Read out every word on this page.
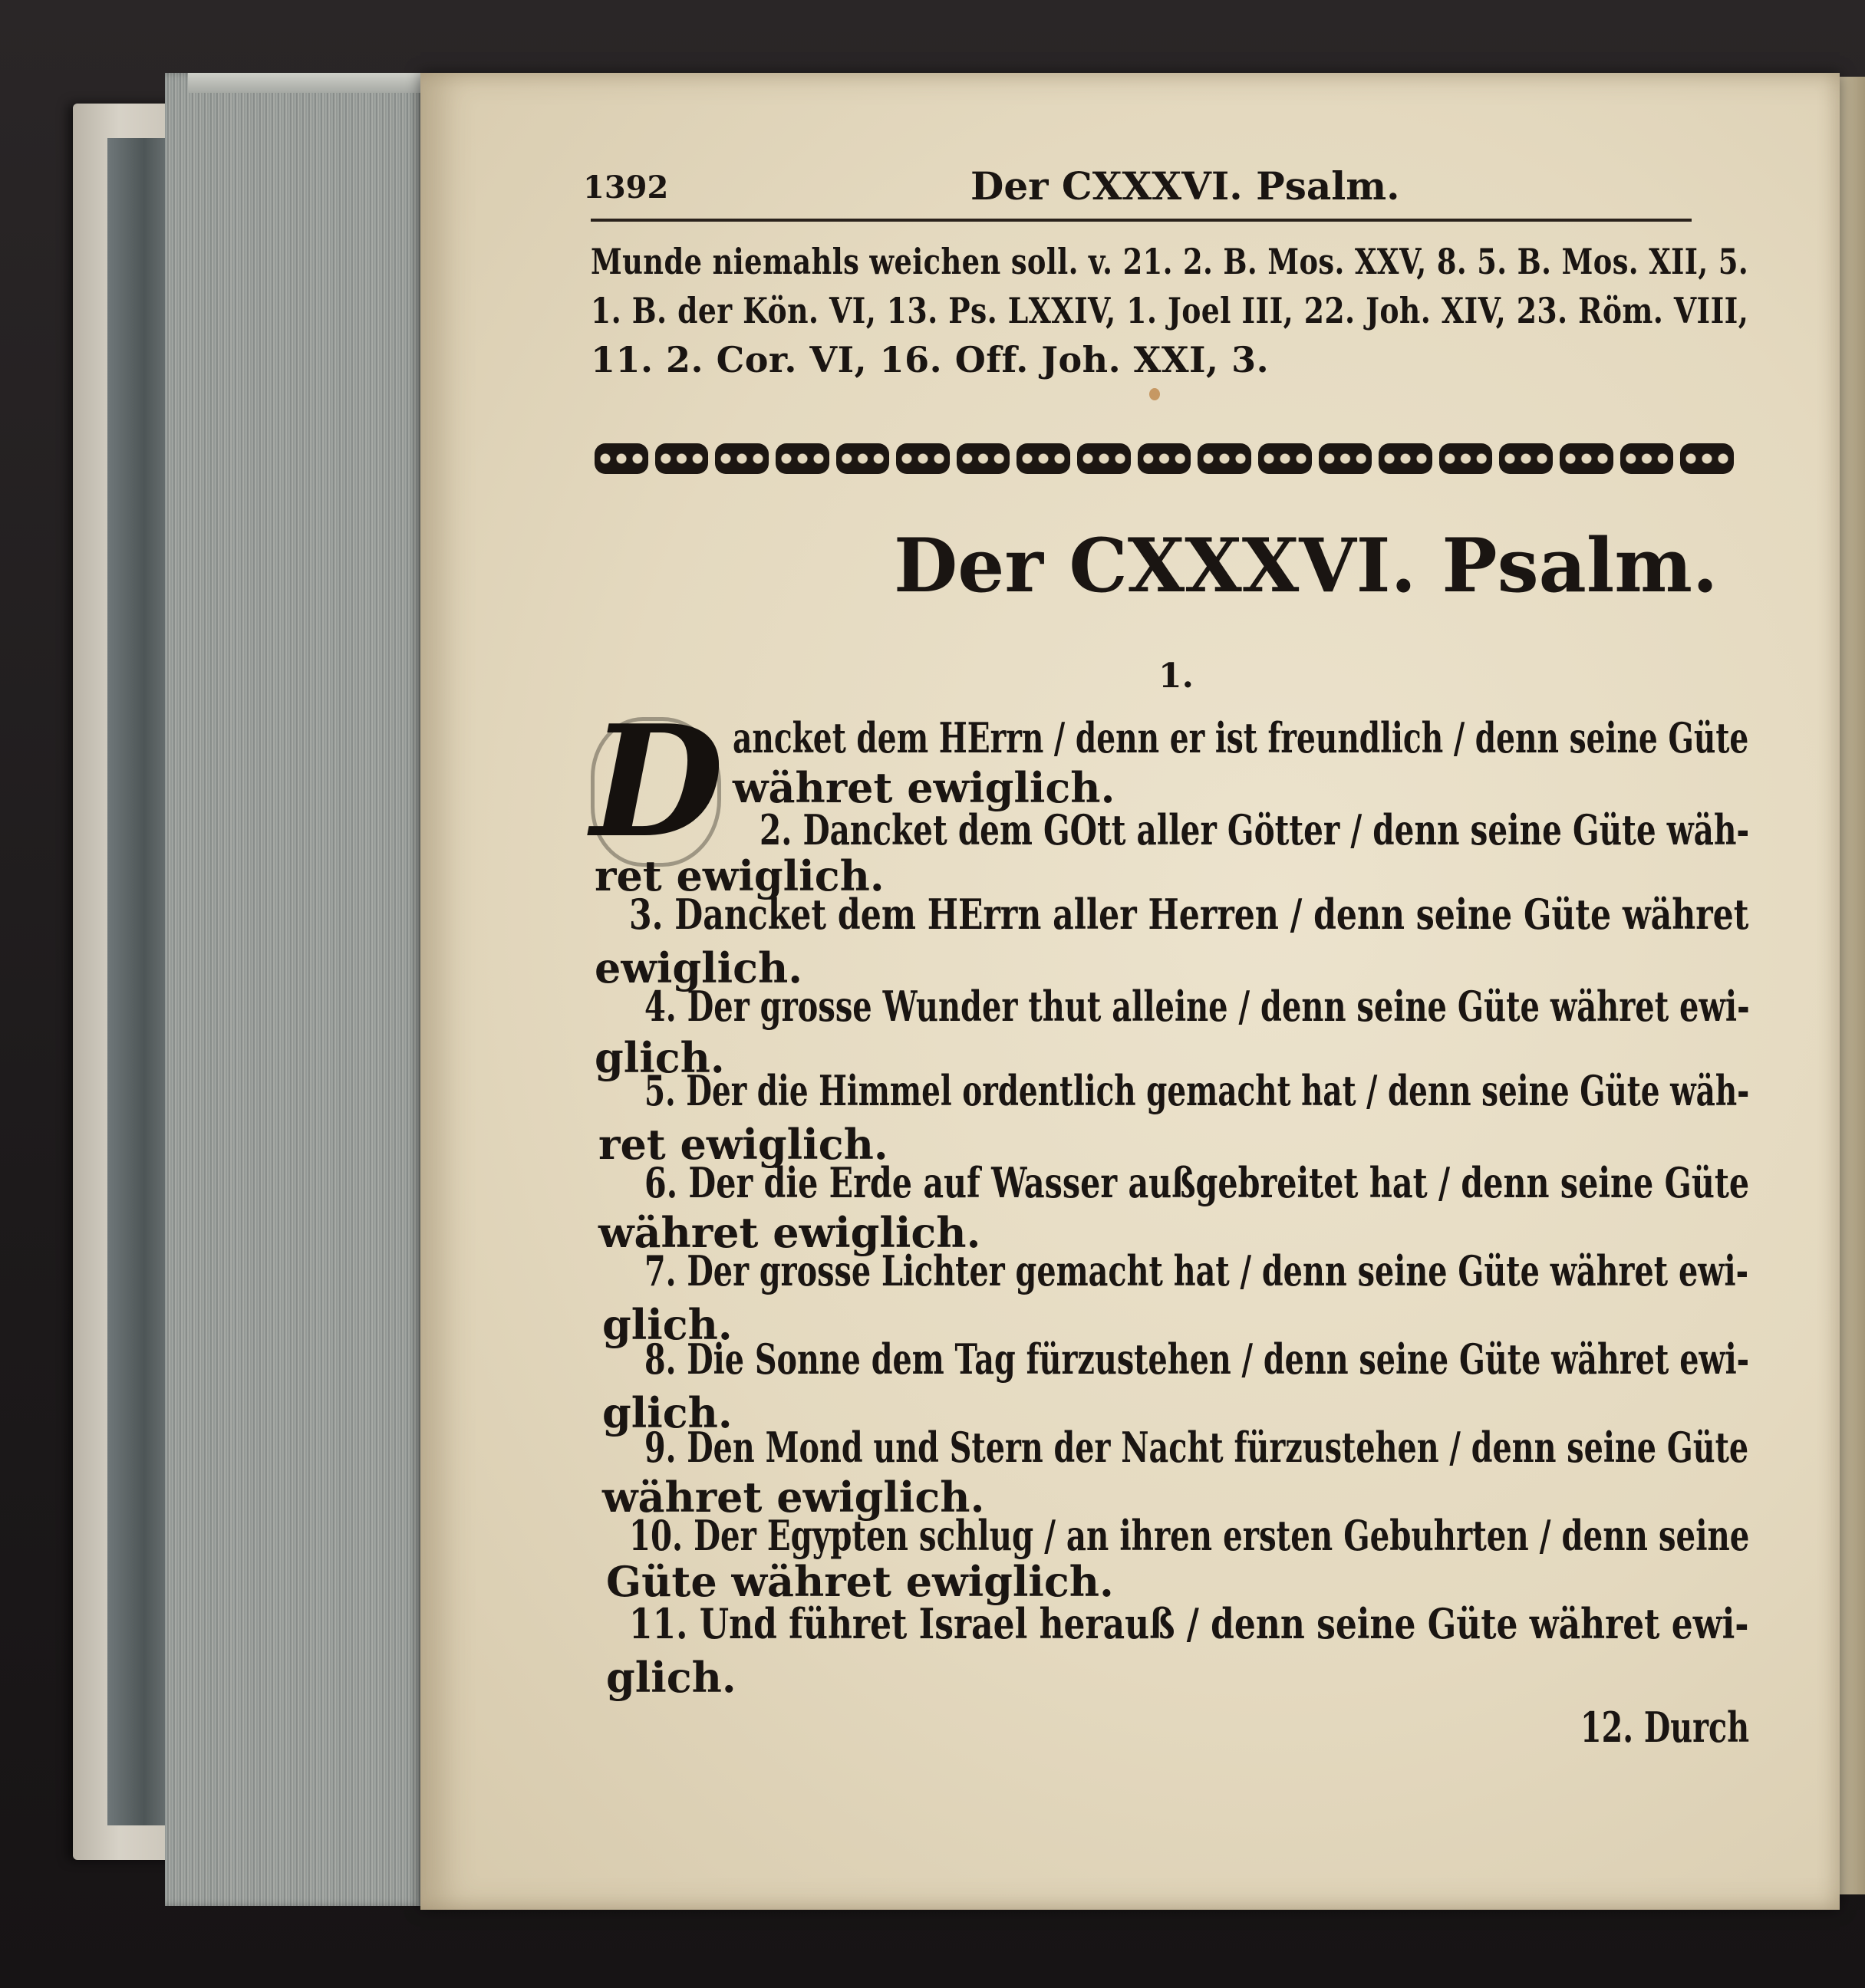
1392	Der CXXXVI. Psalm.
Munde niemahls weichen soll. v. 21. 2. B. Mos. XXV, 8. 5. B. Mos. XII, 5.
1. B. der Kön. VI, 13. Ps. LXXIV, 1. Joel III, 22. Joh. XIV, 23. Röm. VIII,
11. 2. Cor. VI, 16. Off. Joh. XXI, 3.
Der CXXXVI. Psalm.
1.
D ancket dem HErrn / denn er ist freundlich / denn seine Güte
währet ewiglich.
2. Dancket dem GOtt aller Götter / denn seine Güte wäh-
ret ewiglich.
3. Dancket dem HErrn aller Herren / denn seine Güte währet
ewiglich.
4. Der grosse Wunder thut alleine / denn seine Güte währet ewi-
glich.
5. Der die Himmel ordentlich gemacht hat / denn seine Güte wäh-
ret ewiglich.
6. Der die Erde auf Wasser außgebreitet hat / denn seine Güte
währet ewiglich.
7. Der grosse Lichter gemacht hat / denn seine Güte währet ewi-
glich.
8. Die Sonne dem Tag fürzustehen / denn seine Güte währet ewi-
glich.
9. Den Mond und Stern der Nacht fürzustehen / denn seine Güte
währet ewiglich.
10. Der Egypten schlug / an ihren ersten Gebuhrten / denn seine
Güte währet ewiglich.
11. Und führet Israel herauß / denn seine Güte währet ewi-
glich.
12. Durch
